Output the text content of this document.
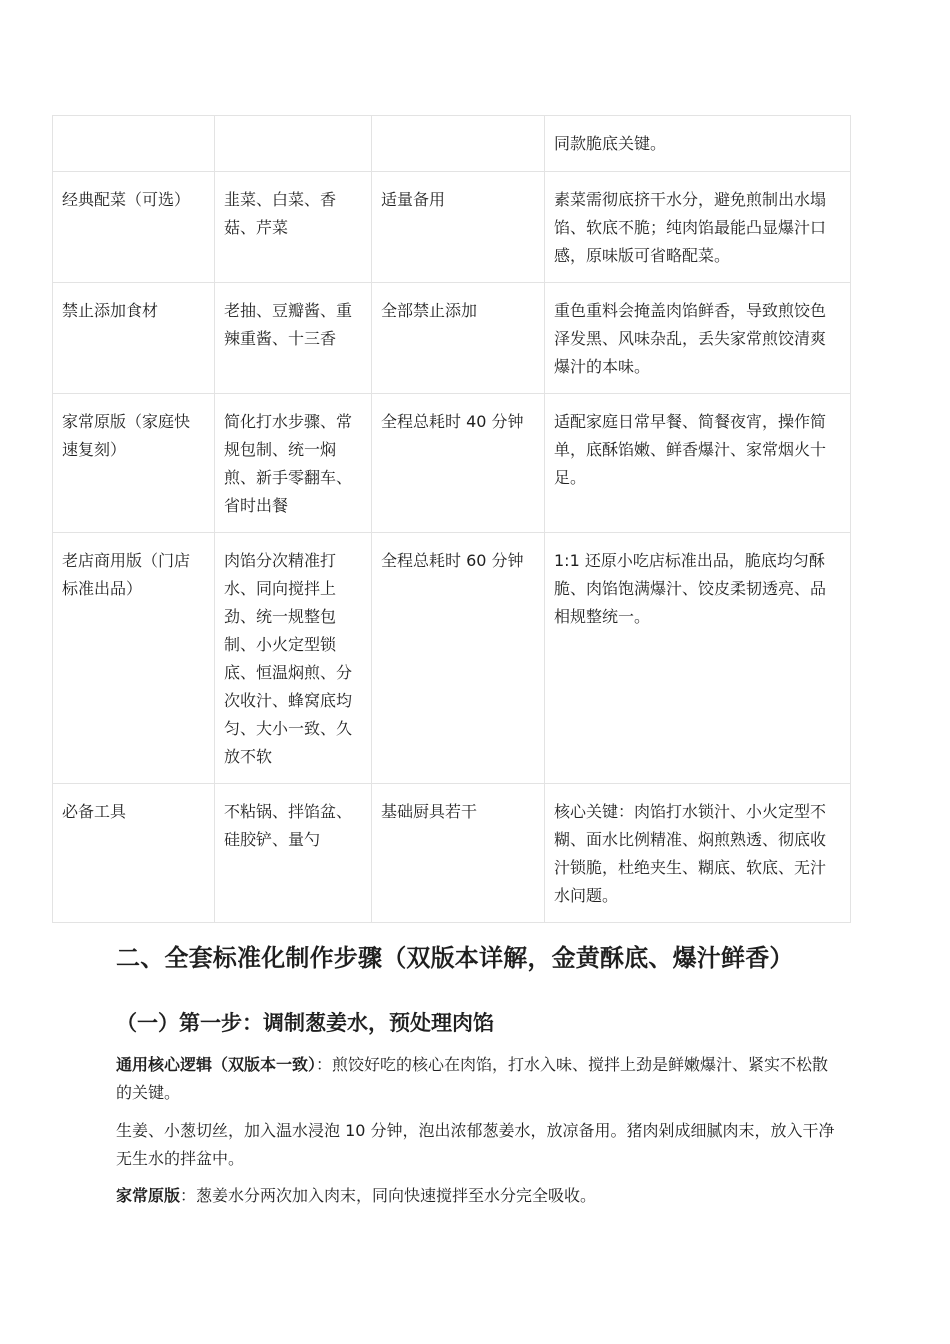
			同款脆底关键。
经典配菜（可选）	韭菜、白菜、香菇、芹菜	适量备用	素菜需彻底挤干水分，避免煎制出水塌馅、软底不脆；纯肉馅最能凸显爆汁口感，原味版可省略配菜。
禁止添加食材	老抽、豆瓣酱、重辣重酱、十三香	全部禁止添加	重色重料会掩盖肉馅鲜香，导致煎饺色泽发黑、风味杂乱，丢失家常煎饺清爽爆汁的本味。
家常原版（家庭快速复刻）	简化打水步骤、常规包制、统一焖煎、新手零翻车、省时出餐	全程总耗时 40 分钟	适配家庭日常早餐、简餐夜宵，操作简单，底酥馅嫩、鲜香爆汁、家常烟火十足。
老店商用版（门店标准出品）	肉馅分次精准打水、同向搅拌上劲、统一规整包制、小火定型锁底、恒温焖煎、分次收汁、蜂窝底均匀、大小一致、久放不软	全程总耗时 60 分钟	1:1 还原小吃店标准出品，脆底均匀酥脆、肉馅饱满爆汁、饺皮柔韧透亮、品相规整统一。
必备工具	不粘锅、拌馅盆、硅胶铲、量勺	基础厨具若干	核心关键：肉馅打水锁汁、小火定型不糊、面水比例精准、焖煎熟透、彻底收汁锁脆，杜绝夹生、糊底、软底、无汁水问题。
二、全套标准化制作步骤（双版本详解，金黄酥底、爆汁鲜香）
（一）第一步：调制葱姜水，预处理肉馅

通用核心逻辑（双版本一致）：煎饺好吃的核心在肉馅，打水入味、搅拌上劲是鲜嫩爆汁、紧实不松散的关键。

生姜、小葱切丝，加入温水浸泡 10 分钟，泡出浓郁葱姜水，放凉备用。猪肉剁成细腻肉末，放入干净无生水的拌盆中。

家常原版：葱姜水分两次加入肉末，同向快速搅拌至水分完全吸收。
